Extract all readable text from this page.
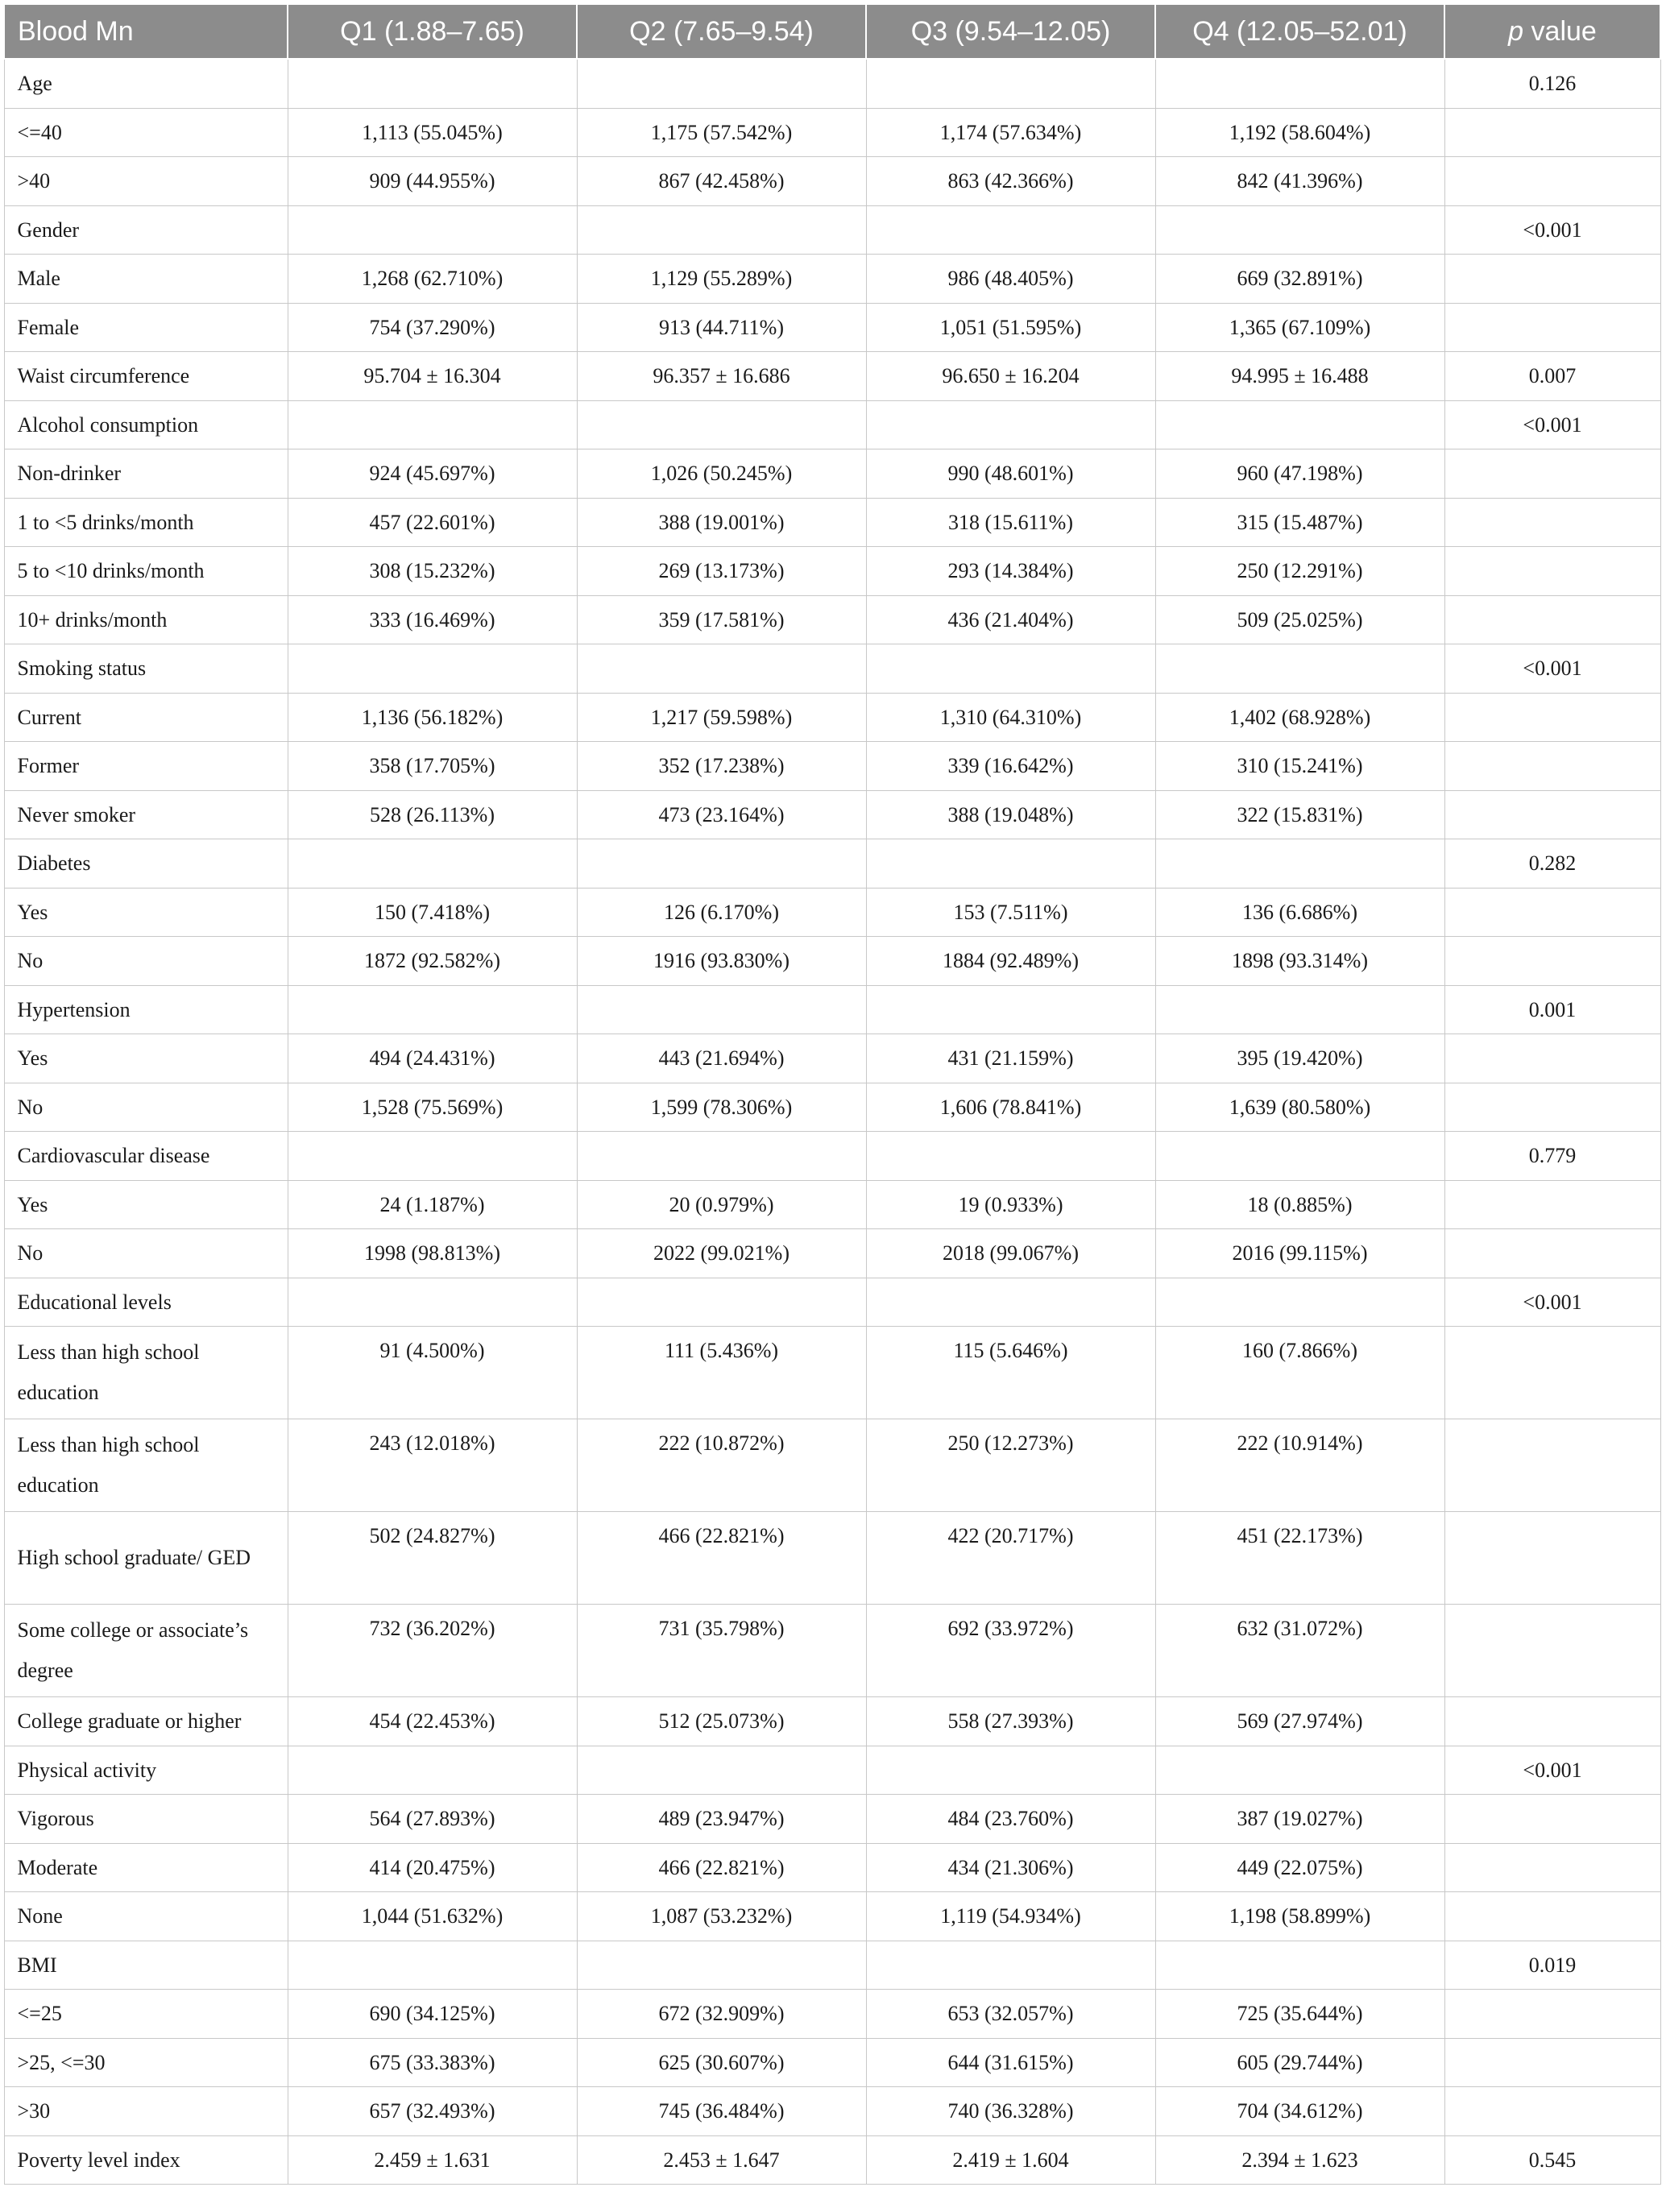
Blood Mn	Q1 (1.88–7.65)	Q2 (7.65–9.54)	Q3 (9.54–12.05)	Q4 (12.05–52.01)	p value
Age					0.126
<=40	1,113 (55.045%)	1,175 (57.542%)	1,174 (57.634%)	1,192 (58.604%)	
>40	909 (44.955%)	867 (42.458%)	863 (42.366%)	842 (41.396%)	
Gender					<0.001
Male	1,268 (62.710%)	1,129 (55.289%)	986 (48.405%)	669 (32.891%)	
Female	754 (37.290%)	913 (44.711%)	1,051 (51.595%)	1,365 (67.109%)	
Waist circumference	95.704 ± 16.304	96.357 ± 16.686	96.650 ± 16.204	94.995 ± 16.488	0.007
Alcohol consumption					<0.001
Non-drinker	924 (45.697%)	1,026 (50.245%)	990 (48.601%)	960 (47.198%)	
1 to <5 drinks/month	457 (22.601%)	388 (19.001%)	318 (15.611%)	315 (15.487%)	
5 to <10 drinks/month	308 (15.232%)	269 (13.173%)	293 (14.384%)	250 (12.291%)	
10+ drinks/month	333 (16.469%)	359 (17.581%)	436 (21.404%)	509 (25.025%)	
Smoking status					<0.001
Current	1,136 (56.182%)	1,217 (59.598%)	1,310 (64.310%)	1,402 (68.928%)	
Former	358 (17.705%)	352 (17.238%)	339 (16.642%)	310 (15.241%)	
Never smoker	528 (26.113%)	473 (23.164%)	388 (19.048%)	322 (15.831%)	
Diabetes					0.282
Yes	150 (7.418%)	126 (6.170%)	153 (7.511%)	136 (6.686%)	
No	1872 (92.582%)	1916 (93.830%)	1884 (92.489%)	1898 (93.314%)	
Hypertension					0.001
Yes	494 (24.431%)	443 (21.694%)	431 (21.159%)	395 (19.420%)	
No	1,528 (75.569%)	1,599 (78.306%)	1,606 (78.841%)	1,639 (80.580%)	
Cardiovascular disease					0.779
Yes	24 (1.187%)	20 (0.979%)	19 (0.933%)	18 (0.885%)	
No	1998 (98.813%)	2022 (99.021%)	2018 (99.067%)	2016 (99.115%)	
Educational levels					<0.001
Less than high school education	91 (4.500%)	111 (5.436%)	115 (5.646%)	160 (7.866%)	
Less than high school education	243 (12.018%)	222 (10.872%)	250 (12.273%)	222 (10.914%)	
High school graduate/ GED	502 (24.827%)	466 (22.821%)	422 (20.717%)	451 (22.173%)	
Some college or associate’s degree	732 (36.202%)	731 (35.798%)	692 (33.972%)	632 (31.072%)	
College graduate or higher	454 (22.453%)	512 (25.073%)	558 (27.393%)	569 (27.974%)	
Physical activity					<0.001
Vigorous	564 (27.893%)	489 (23.947%)	484 (23.760%)	387 (19.027%)	
Moderate	414 (20.475%)	466 (22.821%)	434 (21.306%)	449 (22.075%)	
None	1,044 (51.632%)	1,087 (53.232%)	1,119 (54.934%)	1,198 (58.899%)	
BMI					0.019
<=25	690 (34.125%)	672 (32.909%)	653 (32.057%)	725 (35.644%)	
>25, <=30	675 (33.383%)	625 (30.607%)	644 (31.615%)	605 (29.744%)	
>30	657 (32.493%)	745 (36.484%)	740 (36.328%)	704 (34.612%)	
Poverty level index	2.459 ± 1.631	2.453 ± 1.647	2.419 ± 1.604	2.394 ± 1.623	0.545
